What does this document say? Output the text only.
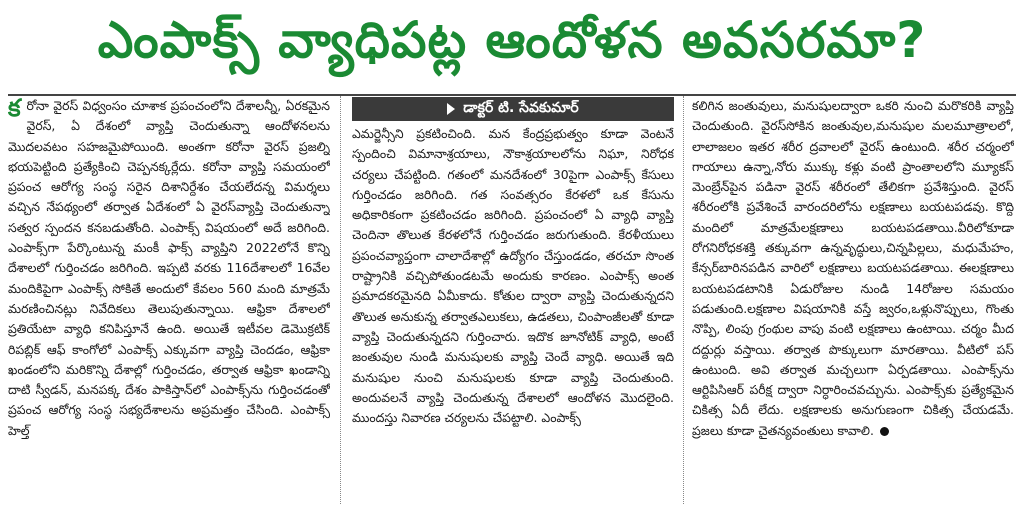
ఎంపాక్స్ వ్యాధిపట్ల ఆందోళన అవసరమా?

క రోనా వైరస్ విధ్వంసం చూశాక ప్రపంచంలోని దేశాలన్నీ, ఏరకమైన వైరస్, ఏ దేశంలో వ్యాప్తి చెందుతున్నా ఆందోళనలను మొదలవటం సహజమైపోయింది. అంతగా కరోనా వైరస్ ప్రజల్ని భయపెట్టింది ప్రత్యేకించి చెప్పనక్కర్లేదు. కరోనా వ్యాప్తి సమయంలో ప్రపంచ ఆరోగ్య సంస్థ సరైన దిశానిర్దేశం చేయలేదన్న విమర్శలు వచ్చిన నేపథ్యంలో తర్వాత ఏదేశంలో ఏ వైరస్‌వ్యాప్తి చెందుతున్నా సత్వర స్పందన కనబడుతోంది. ఎంపాక్స్ విషయంలో అదే జరిగింది. ఎంపాక్స్‌గా పేర్కొంటున్న మంకీ ఫాక్స్ వ్యాప్తిని 2022లోనే కొన్ని దేశాలలో గుర్తించడం జరిగింది. ఇప్పటి వరకు 116దేశాలలో 16వేల మందికిపైగా ఎంపాక్స్ సోకితే అందులో కేవలం 560 మంది మాత్రమే మరణించినట్లు నివేదికలు తెలుపుతున్నాయి. ఆఫ్రికా దేశాలలో ప్రతియేటా వ్యాధి కనిపిస్తూనే ఉంది. అయితే ఇటీవల డెమొక్రటిక్ రిపబ్లిక్ ఆఫ్ కాంగోలో ఎంపాక్స్ ఎక్కువగా వ్యాప్తి చెందడం, ఆఫ్రికా ఖండంలోని మరికొన్ని దేశాల్లో గుర్తించడం, తర్వాత ఆఫ్రికా ఖండాన్ని దాటి స్వీడన్, మనపక్క దేశం పాకిస్తాన్‌లో ఎంపాక్స్‌ను గుర్తించడంతో ప్రపంచ ఆరోగ్య సంస్థ సభ్యదేశాలను అప్రమత్తం చేసింది. ఎంపాక్స్ హెల్త్

డాక్టర్ టి. సేవకుమార్

ఎమర్జెన్సీని ప్రకటించింది. మన కేంద్రప్రభుత్వం కూడా వెంటనే స్పందించి విమానాశ్రయాలు, నౌకాశ్రయాలలోను నిఘా, నిరోధక చర్యలు చేపట్టింది. గతంలో మనదేశంలో 30పైగా ఎంపాక్స్ కేసులు గుర్తించడం జరిగింది. గత సంవత్సరం కేరళలో ఒక కేసును అధికారికంగా ప్రకటించడం జరిగింది. ప్రపంచంలో ఏ వ్యాధి వ్యాప్తి చెందినా తొలుత కేరళలోనే గుర్తించడం జరుగుతుంది. కేరళీయులు ప్రపంచవ్యాప్తంగా చాలాదేశాల్లో ఉద్యోగం చేస్తుండడం, తరచూ సొంత రాష్ట్రానికి వచ్చిపోతుండటమే అందుకు కారణం. ఎంపాక్స్ అంత ప్రమాదకరమైనది ఏమీకాదు. కోతుల ద్వారా వ్యాప్తి చెందుతున్నదని తొలుత అనుకున్న తర్వాతఎలుకలు, ఉడతలు, చింపాంజీలతో కూడా వ్యాప్తి చెందుతున్నదని గుర్తించారు. ఇదొక జూనోటిక్ వ్యాధి, అంటే జంతువుల నుండి మనుషులకు వ్యాప్తి చెందే వ్యాధి. అయితే ఇది మనుషుల నుంచి మనుషులకు కూడా వ్యాప్తి చెందుతుంది. అందువలనే వ్యాప్తి చెందుతున్న దేశాలలో ఆందోళన మొదలైంది. ముందస్తు నివారణ చర్యలను చేపట్టాలి. ఎంపాక్స్

కలిగిన జంతువులు, మనుషులద్వారా ఒకరి నుంచి మరొకరికి వ్యాప్తి చెందుతుంది. వైరస్‌సోకిన జంతువుల,మనుషుల మలమూత్రాలలో, లాలాజలం ఇతర శరీర ద్రవాలలో వైరస్ ఉంటుంది. శరీర చర్మంలో గాయాలు ఉన్నా,నోరు ముక్కు కళ్లు వంటి ప్రాంతాలలోని మ్యూకస్ మెంబ్రేన్‌పైన పడినా వైరస్ శరీరంలో తేలికగా ప్రవేశిస్తుంది. వైరస్ శరీరంలోకి ప్రవేశించే వారందరిలోను లక్షణాలు బయటపడవు. కొద్ది మందిలో మాత్రమేలక్షణాలు బయటపడతాయి.వీరిలోకూడా రోగనిరోధకశక్తి తక్కువగా ఉన్నవృద్ధులు,చిన్నపిల్లలు, మధుమేహం, కేన్సర్‌బారినపడిన వారిలో లక్షణాలు బయటపడతాయి. ఈలక్షణాలు బయటపడటానికి ఏడురోజుల నుండి 14రోజుల సమయం పడుతుంది.లక్షణాల విషయానికి వస్తే జ్వరం,ఒళ్లునొప్పులు, గొంతు నొప్పి, లింపు గ్రంథుల వాపు వంటి లక్షణాలు ఉంటాయి. చర్మం మీద దద్దుర్లు వస్తాయి. తర్వాత పొక్కులుగా మారతాయి. వీటిలో పస్ ఉంటుంది. అవి తర్వాత మచ్చలుగా ఏర్పడతాయి. ఎంపాక్స్‌ను ఆర్టిపిసిఆర్ పరీక్ష ద్వారా నిర్ధారించవచ్చును. ఎంపాక్స్‌కు ప్రత్యేకమైన చికిత్స ఏదీ లేదు. లక్షణాలకు అనుగుణంగా చికిత్స చేయడమే. ప్రజలు కూడా చైతన్యవంతులు కావాలి.
